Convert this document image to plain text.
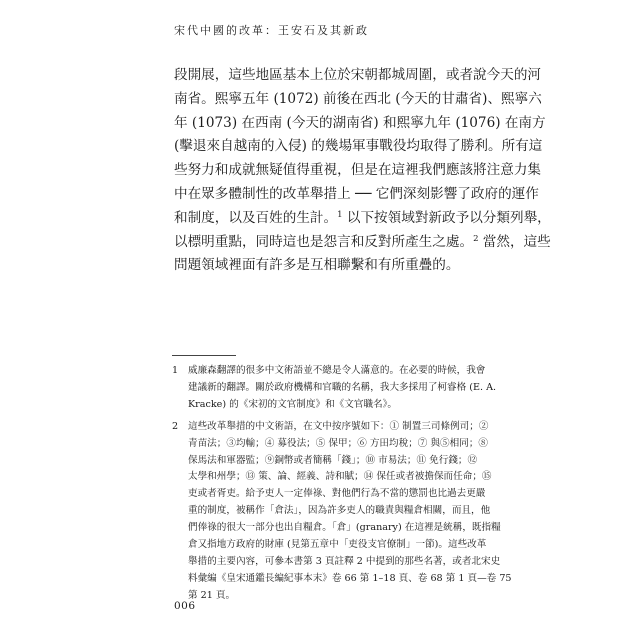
宋代中國的改革：王安石及其新政

段開展，這些地區基本上位於宋朝都城周圍，或者說今天的河

南省。熙寧五年 (1072) 前後在西北 (今天的甘肅省)、熙寧六

年 (1073) 在西南 (今天的湖南省) 和熙寧九年 (1076) 在南方

(擊退來自越南的入侵) 的幾場軍事戰役均取得了勝利。所有這

些努力和成就無疑值得重視，但是在這裡我們應該將注意力集

中在眾多體制性的改革舉措上 ── 它們深刻影響了政府的運作

和制度，以及百姓的生計。$^1$ 以下按領域對新政予以分類列舉，

以標明重點，同時這也是怨言和反對所產生之處。$^2$ 當然，這些

問題領域裡面有許多是互相聯繫和有所重疊的。

1	威廉森翻譯的很多中文術語並不總是令人滿意的。在必要的時候，我會

建議新的翻譯。關於政府機構和官職的名稱，我大多採用了柯睿格 (E. A.

Kracke) 的《宋初的文官制度》和《文官職名》。

2	這些改革舉措的中文術語，在文中按序號如下：① 制置三司條例司；②

青苗法；③均輸；④ 募役法；⑤ 保甲；⑥ 方田均稅；⑦ 與⑤相同；⑧

保馬法和軍器監；⑨銅幣或者簡稱「錢」；⑩ 市易法；⑪ 免行錢；⑫

太學和州學；⑬ 策、論、經義、詩和賦；⑭ 保任或者被擔保而任命；⑮

吏或者胥吏。給予吏人一定俸祿、對他們行為不當的懲罰也比過去更嚴

重的制度，被稱作「倉法」，因為許多吏人的職責與糧倉相關，而且，他

們俸祿的很大一部分也出自糧倉。「倉」(granary) 在這裡是統稱，既指糧

倉又指地方政府的財庫 (見第五章中「吏役支官僚制」一節)。這些改革

舉措的主要內容，可參本書第 3 頁註釋 2 中提到的那些名著，或者北宋史

料彙編《皇宋通鑑長編紀事本末》卷 66 第 1–18 頁、卷 68 第 1 頁—卷 75

第 21 頁。

006
